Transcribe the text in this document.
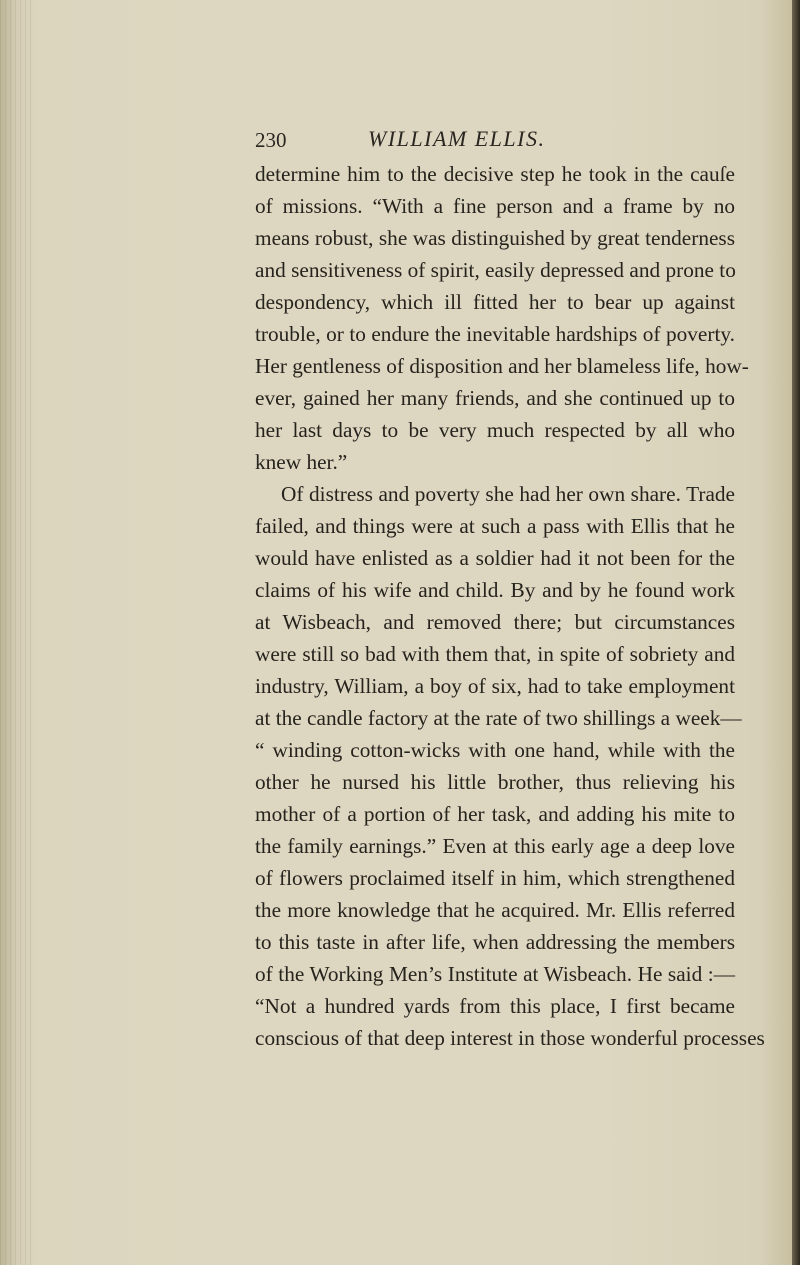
230	WILLIAM ELLIS.
determine him to the decisive step he took in the cauſe
of missions. “With a fine person and a frame by no
means robust, she was distinguished by great tenderness
and sensitiveness of spirit, easily depressed and prone to
despondency, which ill fitted her to bear up against
trouble, or to endure the inevitable hardships of poverty.
Her gentleness of disposition and her blameless life, how-
ever, gained her many friends, and she continued up to
her last days to be very much respected by all who
knew her.”
Of distress and poverty she had her own share. Trade
failed, and things were at such a pass with Ellis that he
would have enlisted as a soldier had it not been for the
claims of his wife and child. By and by he found work
at Wisbeach, and removed there; but circumstances
were still so bad with them that, in spite of sobriety and
industry, William, a boy of six, had to take employment
at the candle factory at the rate of two shillings a week—
“ winding cotton-wicks with one hand, while with the
other he nursed his little brother, thus relieving his
mother of a portion of her task, and adding his mite to
the family earnings.” Even at this early age a deep love
of flowers proclaimed itself in him, which strengthened
the more knowledge that he acquired. Mr. Ellis referred
to this taste in after life, when addressing the members
of the Working Men’s Institute at Wisbeach. He said :—
“Not a hundred yards from this place, I first became
conscious of that deep interest in those wonderful processes
